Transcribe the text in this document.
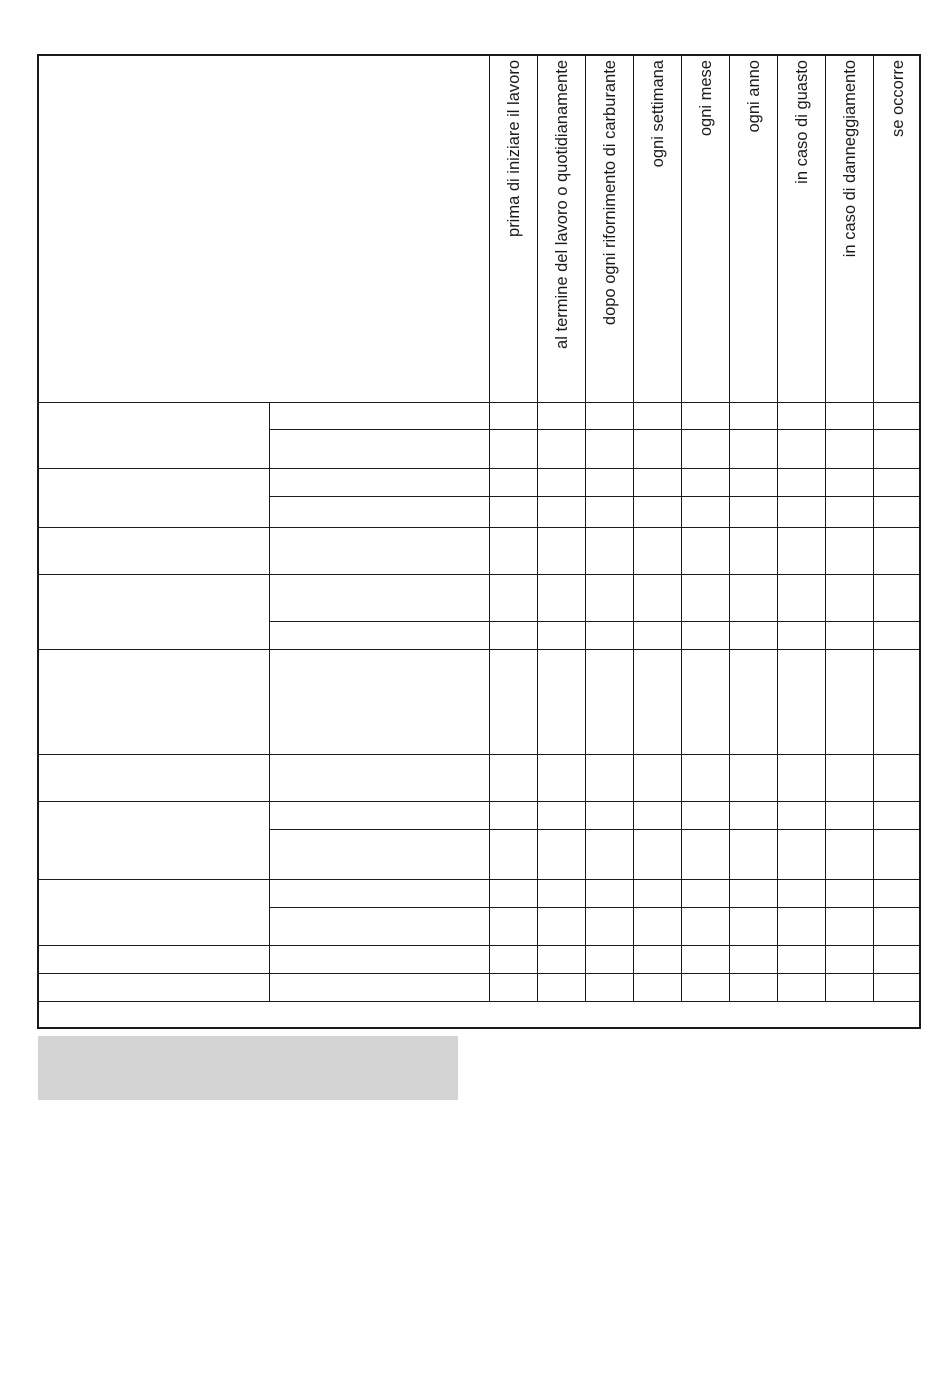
prima di iniziare il lavoro al termine del lavoro o quotidianamente dopo ogni rifornimento di carburante ogni settimana ogni mese ogni anno in caso di guasto in caso di danneggiamento se occorre
